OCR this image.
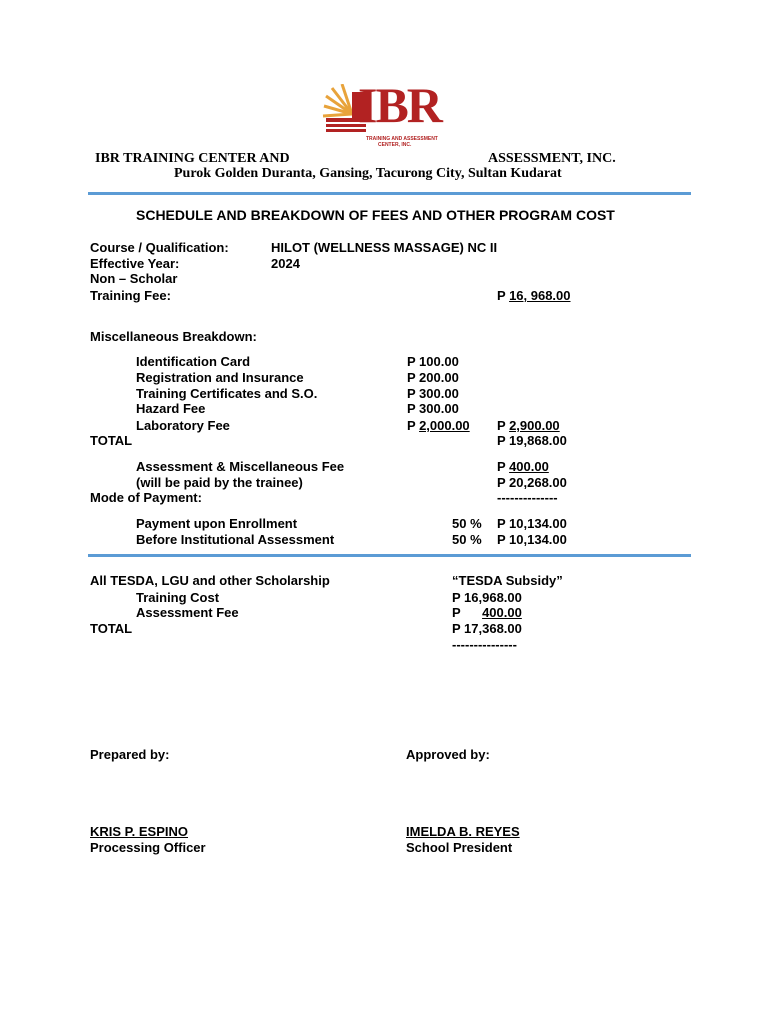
IBR
TRAINING AND ASSESSMENT
CENTER, INC.
IBR TRAINING CENTER AND	ASSESSMENT, INC.
Purok Golden Duranta, Gansing, Tacurong City, Sultan Kudarat
SCHEDULE AND BREAKDOWN OF FEES AND OTHER PROGRAM COST
Course / Qualification:	HILOT (WELLNESS MASSAGE) NC II
Effective Year:	2024
Non – Scholar
Training Fee:	P 16, 968.00
Miscellaneous Breakdown:
Identification Card	P 100.00
Registration and Insurance	P 200.00
Training Certificates and S.O.	P 300.00
Hazard Fee	P 300.00
Laboratory Fee	P 2,000.00 P 2,900.00
TOTAL	P 19,868.00
Assessment & Miscellaneous Fee	P 400.00
(will be paid by the trainee)	P 20,268.00
Mode of Payment:	--------------
Payment upon Enrollment	50 % P 10,134.00
Before Institutional Assessment	50 % P 10,134.00
All TESDA, LGU and other Scholarship	“TESDA Subsidy”
Training Cost	P 16,968.00
Assessment Fee	P 400.00
TOTAL	P 17,368.00
---------------
Prepared by:	Approved by:
KRIS P. ESPINO	IMELDA B. REYES
Processing Officer	School President
